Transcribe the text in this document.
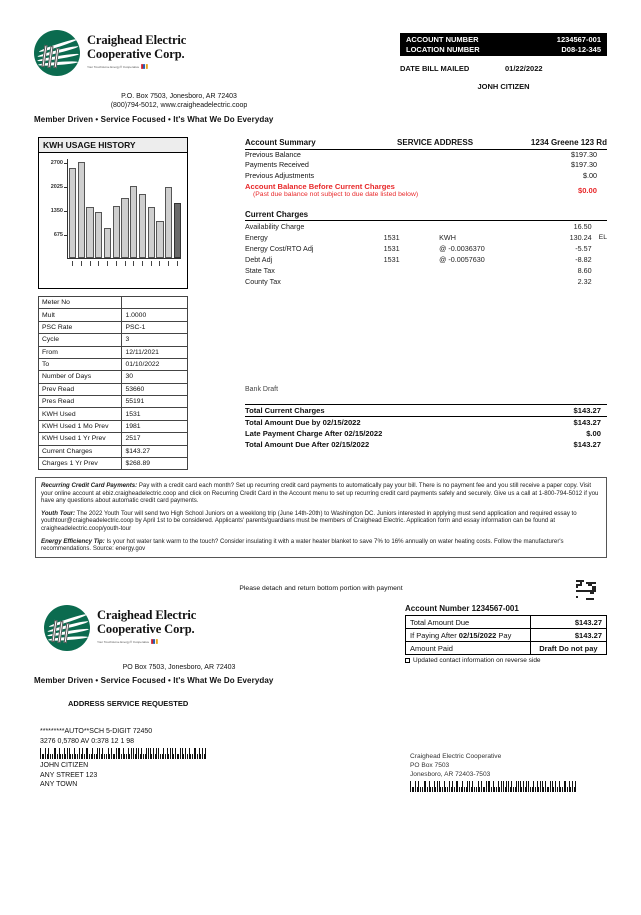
Craighead Electric
Cooperative Corp.
Your Touchstone Energy® Cooperative
P.O. Box 7503, Jonesboro, AR 72403
(800)794-5012, www.craigheadelectric.coop
Member Driven • Service Focused • It's What We Do Everyday
ACCOUNT NUMBER	1234567-001
LOCATION NUMBER	D08-12-345
DATE BILL MAILED	01/22/2022
JONH CITIZEN
KWH USAGE HISTORY
2700
2025
1350
675
Meter No	
Mult	1.0000
PSC Rate	PSC-1
Cycle	3
From	12/11/2021
To	01/10/2022
Number of Days	30
Prev Read	53660
Pres Read	55191
KWH Used	1531
KWH Used 1 Mo Prev	1981
KWH Used 1 Yr Prev	2517
Current Charges	$143.27
Charges 1 Yr Prev	$268.89
Account Summary	SERVICE ADDRESS	1234 Greene 123 Rd
Previous Balance	$197.30
Payments Received	$197.30
Previous Adjustments	$.00
Account Balance Before Current Charges
(Past due balance not subject to due date listed below)	$0.00
Current Charges
Availability Charge	16.50
Energy	1531	KWH	130.24	EL
Energy Cost/RTO Adj	1531	@ -0.0036370	-5.57
Debt Adj	1531	@ -0.0057630	-8.82
State Tax	8.60
County Tax	2.32
Bank Draft
Total Current Charges	$143.27
Total Amount Due by 02/15/2022	$143.27
Late Payment Charge After 02/15/2022	$.00
Total Amount Due After 02/15/2022	$143.27
Recurring Credit Card Payments: Pay with a credit card each month? Set up recurring credit card payments to automatically pay your bill. There is no payment fee and you still receive a paper copy. Visit your online account at ebiz.craigheadelectric.coop and click on Recurring Credit Card in the Account menu to set up recurring credit card payments safely and securely. Give us a call at 1-800-794-5012 if you have any questions about automatic credit card payments.
Youth Tour: The 2022 Youth Tour will send two High School Juniors on a weeklong trip (June 14th-20th) to Washington DC. Juniors interested in applying must send application and required essay to youthtour@craigheadelectric.coop by April 1st to be considered. Applicants' parents/guardians must be members of Craighead Electric. Application form and essay information can be found at craigheadelectric.coop/youth-tour
Energy Efficiency Tip: Is your hot water tank warm to the touch? Consider insulating it with a water heater blanket to save 7% to 16% annually on water heating costs. Follow the manufacturer's recommendations. Source: energy.gov
Please detach and return bottom portion with payment
Craighead Electric
Cooperative Corp.
Your Touchstone Energy® Cooperative
PO Box 7503, Jonesboro, AR 72403
Member Driven • Service Focused • It's What We Do Everyday
Account Number 1234567-001
Total Amount Due	$143.27
If Paying After 02/15/2022 Pay	$143.27
Amount Paid	Draft Do not pay
Updated contact information on reverse side
ADDRESS SERVICE REQUESTED
*********AUTO**SCH 5-DIGIT 72450
3276 0,5780 AV 0:378 12 1 98
JOHN CITIZEN
ANY STREET 123
ANY TOWN
Craighead Electric Cooperative
PO Box 7503
Jonesboro, AR 72403-7503
